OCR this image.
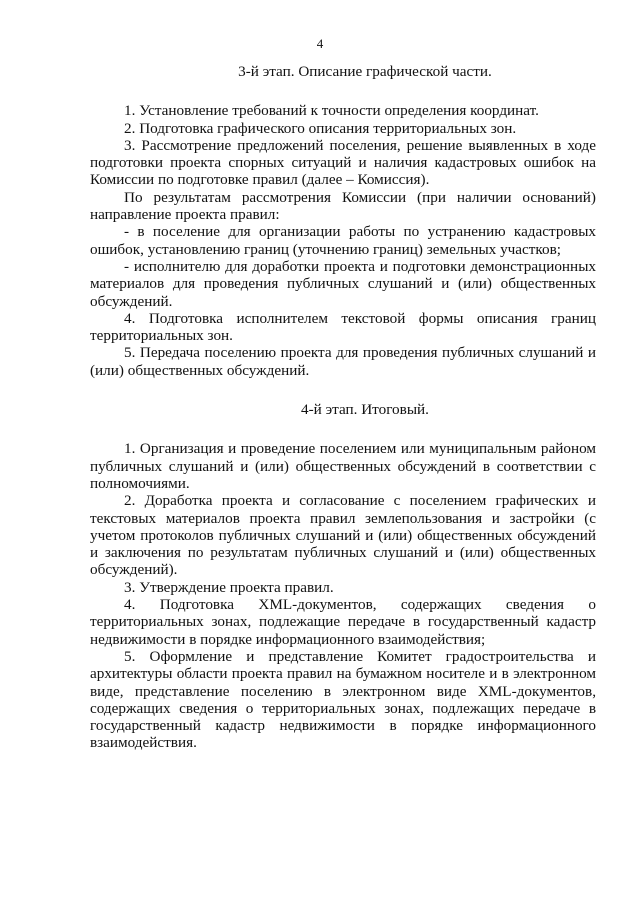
4
3-й этап. Описание графической части.

1. Установление требований к точности определения координат.

2. Подготовка графического описания территориальных зон.

3. Рассмотрение предложений поселения, решение выявленных в ходе подготовки проекта спорных ситуаций и наличия кадастровых ошибок на Комиссии по подготовке правил (далее – Комиссия).

По результатам рассмотрения Комиссии (при наличии оснований) направление проекта правил:

- в поселение для организации работы по устранению кадастровых ошибок, установлению границ (уточнению границ) земельных участков;

- исполнителю для доработки проекта и подготовки демонстрационных материалов для проведения публичных слушаний и (или) общественных обсуждений.

4. Подготовка исполнителем текстовой формы описания границ территориальных зон.

5. Передача поселению проекта для проведения публичных слушаний и (или) общественных обсуждений.

4-й этап. Итоговый.

1. Организация и проведение поселением или муниципальным районом публичных слушаний и (или) общественных обсуждений в соответствии с полномочиями.

2. Доработка проекта и согласование с поселением графических и текстовых материалов проекта правил землепользования и застройки (с учетом протоколов публичных слушаний и (или) общественных обсуждений и заключения по результатам публичных слушаний и (или) общественных обсуждений).

3. Утверждение проекта правил.

4. Подготовка XML-документов, содержащих сведения о территориальных зонах, подлежащие передаче в государственный кадастр недвижимости в порядке информационного взаимодействия;

5. Оформление и представление Комитет градостроительства и архитектуры области проекта правил на бумажном носителе и в электронном виде, представление поселению в электронном виде XML-документов, содержащих сведения о территориальных зонах, подлежащих передаче в государственный кадастр недвижимости в порядке информационного взаимодействия.
